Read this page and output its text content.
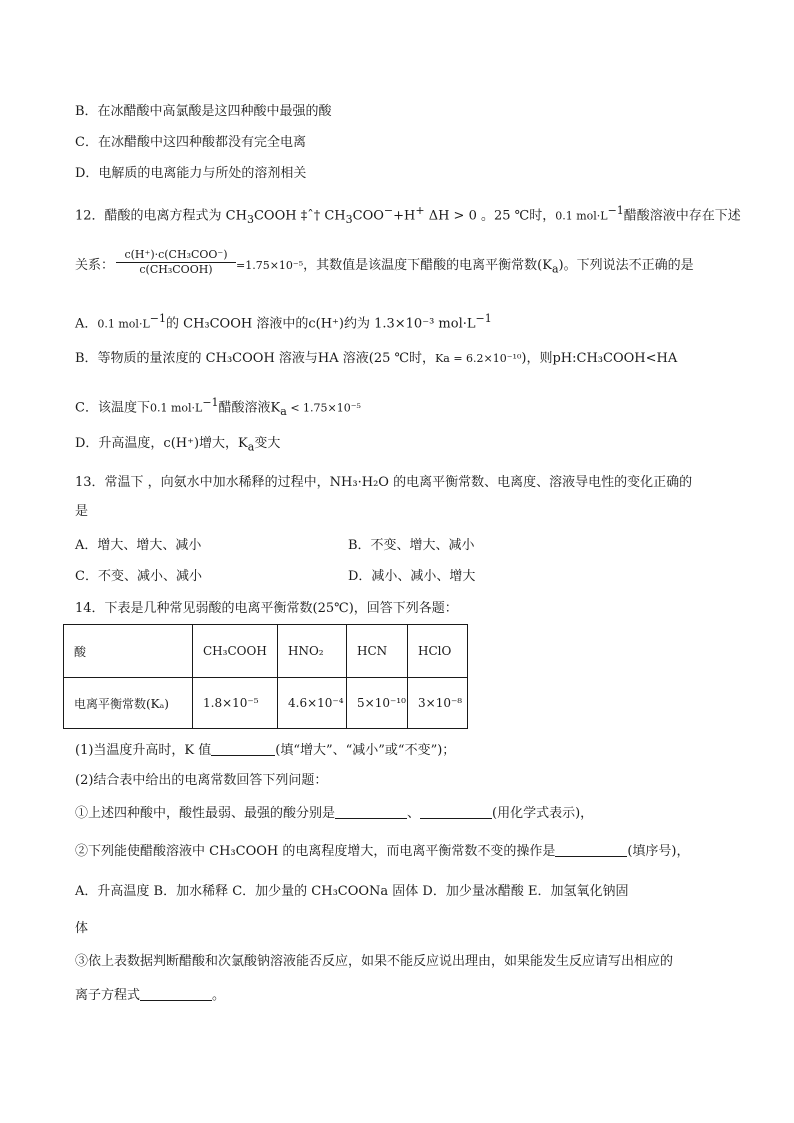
B．在冰醋酸中高氯酸是这四种酸中最强的酸
C．在冰醋酸中这四种酸都没有完全电离
D．电解质的电离能力与所处的溶剂相关
12．醋酸的电离方程式为 $CH_3COOH$ ‡ˆ† $CH_3COO^-+H^+$ ΔH > 0 。25 ℃时，0.1 $mol\cdot L^{-1}$醋酸溶液中存在下述
关系：
c(H⁺)·c(CH₃COO⁻)
c(CH₃COOH)	=1.75×10⁻⁵，其数值是该温度下醋酸的电离平衡常数$(K_a)$。下列说法不正确的是
A．0.1 $mol\cdot L^{-1}$的 CH₃COOH 溶液中的c(H⁺)约为 1.3×10⁻³ $mol\cdot L^{-1}$
B．等物质的量浓度的 CH₃COOH 溶液与HA 溶液(25 ℃时，Ka = 6.2×10⁻¹⁰)，则pH:CH₃COOH<HA
C．该温度下0.1 $mol\cdot L^{-1}$醋酸溶液$K_a < 1.75\times 10^{-5}$
D．升高温度，c(H⁺)增大，$K_a$变大
13．常温下 ，向氨水中加水稀释的过程中，NH₃·H₂O 的电离平衡常数、电离度、溶液导电性的变化正确的
是
A．增大、增大、减小	B．不变、增大、减小
C．不变、减小、减小	D．减小、减小、增大
14．下表是几种常见弱酸的电离平衡常数(25℃)，回答下列各题：
酸	CH₃COOH	HNO₂	HCN	HClO
电离平衡常数(Kₐ)	1.8×10⁻⁵	4.6×10⁻⁴	5×10⁻¹⁰	3×10⁻⁸
(1)当温度升高时，K 值	(填“增大”、“减小”或“不变”)；
(2)结合表中给出的电离常数回答下列问题：
①上述四种酸中，酸性最弱、最强的酸分别是	、	(用化学式表示)，
②下列能使醋酸溶液中 CH₃COOH 的电离程度增大，而电离平衡常数不变的操作是	(填序号)，
A．升高温度 B．加水稀释 C．加少量的 CH₃COONa 固体 D．加少量冰醋酸 E．加氢氧化钠固
体
③依上表数据判断醋酸和次氯酸钠溶液能否反应，如果不能反应说出理由，如果能发生反应请写出相应的
离子方程式	。
